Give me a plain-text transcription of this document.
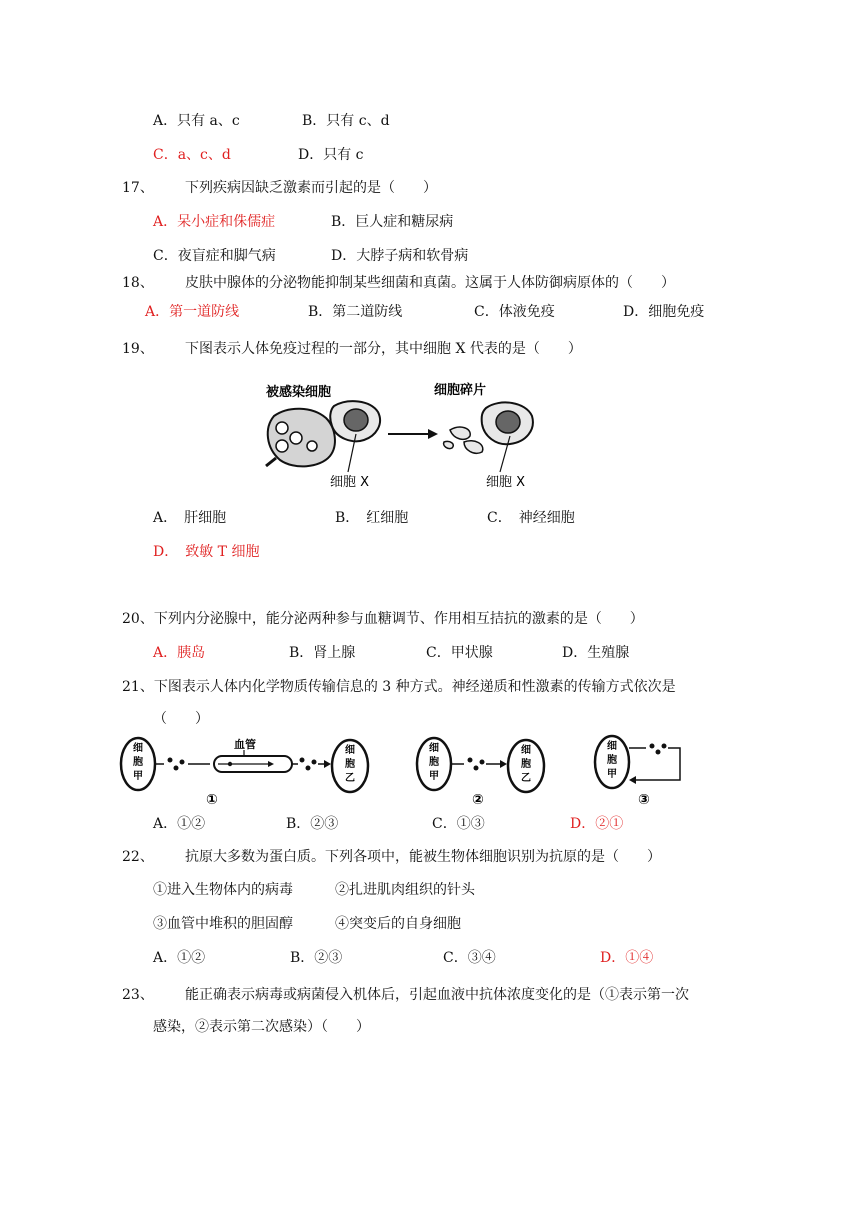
A．只有 a、c	B．只有 c、d
C．a、c、d	D．只有 c
17、 下列疾病因缺乏激素而引起的是（　　）
A．呆小症和侏儒症	B．巨人症和糖尿病
C．夜盲症和脚气病	D．大脖子病和软骨病
18、 皮肤中腺体的分泌物能抑制某些细菌和真菌。这属于人体防御病原体的（　　）
A．第一道防线	B．第二道防线	C．体液免疫	D．细胞免疫
19、 下图表示人体免疫过程的一部分，其中细胞 X 代表的是（　　）
被感染细胞	细胞碎片
细胞 X	细胞 X
A．　肝细胞	B．　红细胞	C．　神经细胞
D．　致敏 T 细胞
20、下列内分泌腺中，能分泌两种参与血糖调节、作用相互拮抗的激素的是（　　）
A．胰岛	B．肾上腺	C．甲状腺	D．生殖腺
21、下图表示人体内化学物质传输信息的 3 种方式。神经递质和性激素的传输方式依次是
（　　）
细
胞
甲
血管	细
胞
乙
①
细
胞
甲
细
胞
乙
②
细
胞
甲
③
A．①②	B．②③	C．①③	D．②①
22、 抗原大多数为蛋白质。下列各项中，能被生物体细胞识别为抗原的是（　　）
①进入生物体内的病毒	②扎进肌肉组织的针头
③血管中堆积的胆固醇	④突变后的自身细胞
A．①②	B．②③	C．③④	D．①④
23、 能正确表示病毒或病菌侵入机体后，引起血液中抗体浓度变化的是（①表示第一次
感染，②表示第二次感染）（　　）
